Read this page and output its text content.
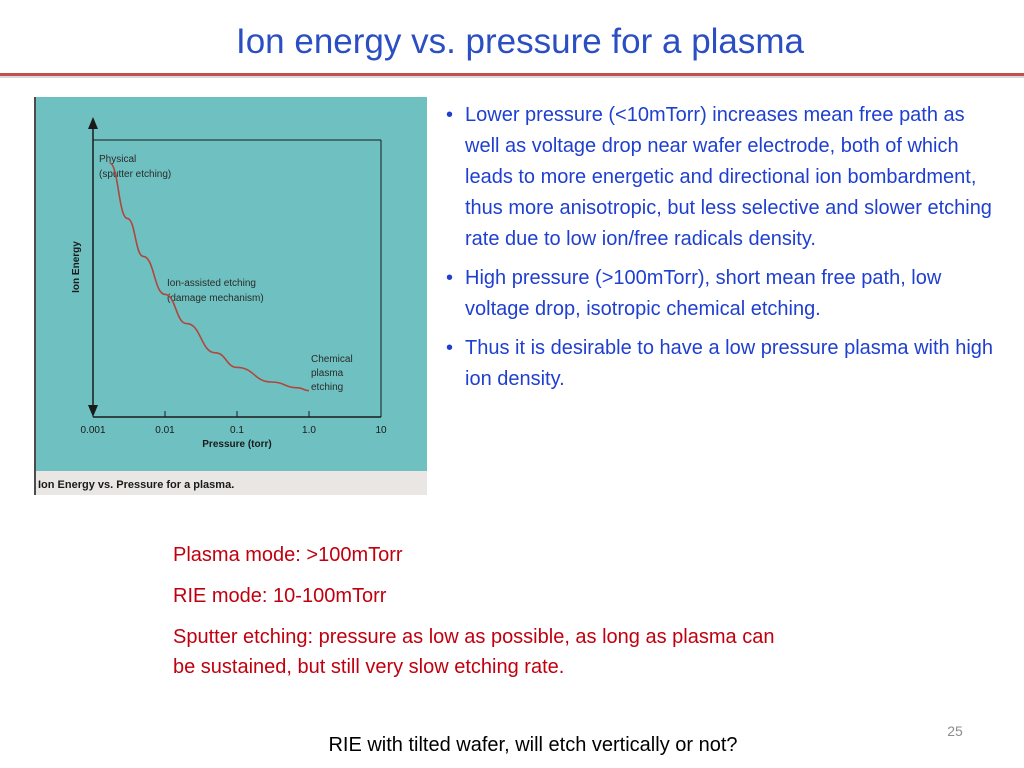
Ion energy vs. pressure for a plasma
0.001	0.01	0.1	1.0	10
Pressure (torr)
Ion Energy
Physical (sputter etching)
Ion-assisted etching (damage mechanism)
Chemical plasma etching
Ion Energy vs. Pressure for a plasma.
• Lower pressure (<10mTorr) increases mean free path as well as voltage drop near wafer electrode, both of which leads to more energetic and directional ion bombardment, thus more anisotropic, but less selective and slower etching rate due to low ion/free radicals density.
• High pressure (>100mTorr), short mean free path, low voltage drop, isotropic chemical etching.
• Thus it is desirable to have a low pressure plasma with high ion density.

Plasma mode: >100mTorr

RIE mode: 10-100mTorr

Sputter etching: pressure as low as possible, as long as plasma can be sustained, but still very slow etching rate.

25
RIE with tilted wafer, will etch vertically or not?
